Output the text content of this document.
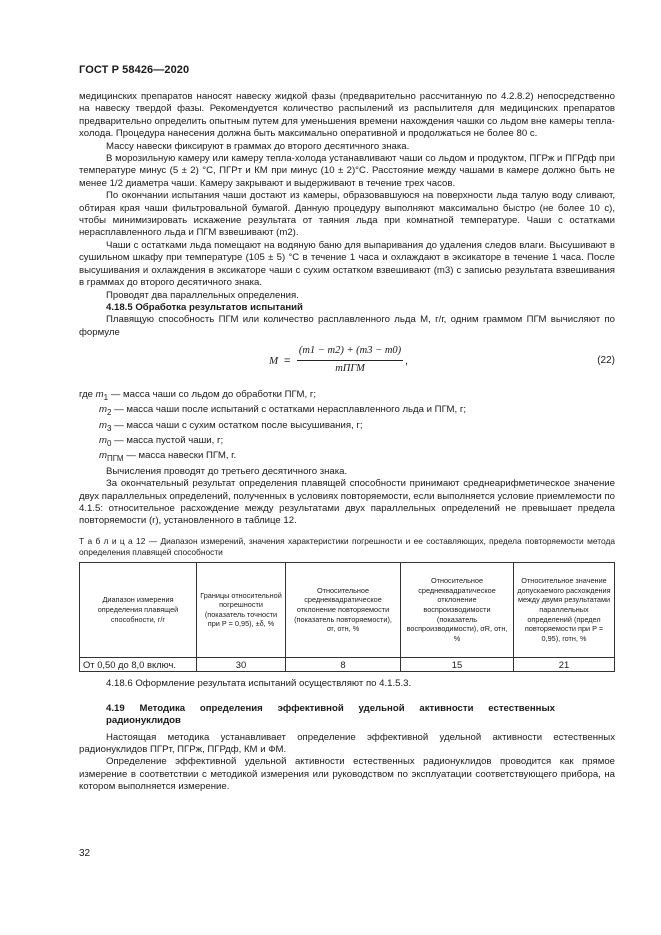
ГОСТ Р 58426—2020

медицинских препаратов наносят навеску жидкой фазы (предварительно рассчитанную по 4.2.8.2) непосредственно на навеску твердой фазы. Рекомендуется количество распылений из распылителя для медицинских препаратов предварительно определить опытным путем для уменьшения времени нахождения чашки со льдом вне камеры тепла-холода. Процедура нанесения должна быть максимально оперативной и продолжаться не более 80 с.

Массу навески фиксируют в граммах до второго десятичного знака.

В морозильную камеру или камеру тепла-холода устанавливают чаши со льдом и продуктом, ПГРж и ПГРдф при температуре минус (5 ± 2) °С, ПГРт и КМ при минус (10 ± 2)°С. Расстояние между чашами в камере должно быть не менее 1/2 диаметра чаши. Камеру закрывают и выдерживают в течение трех часов.

По окончании испытания чаши достают из камеры, образовавшуюся на поверхности льда талую воду сливают, обтирая края чаши фильтровальной бумагой. Данную процедуру выполняют максимально быстро (не более 10 с), чтобы минимизировать искажение результата от таяния льда при комнатной температуре. Чаши с остатками нерасплавленного льда и ПГМ взвешивают (m2).

Чаши с остатками льда помещают на водяную баню для выпаривания до удаления следов влаги. Высушивают в сушильном шкафу при температуре (105 ± 5) °С в течение 1 часа и охлаждают в эксикаторе в течение 1 часа. После высушивания и охлаждения в эксикаторе чаши с сухим остатком взвешивают (m3) с записью результата взвешивания в граммах до второго десятичного знака.

Проводят два параллельных определения.

4.18.5 Обработка результатов испытаний

Плавящую способность ПГМ или количество расплавленного льда M, г/г, одним граммом ПГМ вычисляют по формуле

M =
(m1 − m2) + (m3 − m0)
mПГМ
,	(22)

где $m_1$ — масса чаши со льдом до обработки ПГМ, г;

$m_2$ — масса чаши после испытаний с остатками нерасплавленного льда и ПГМ, г;

$m_3$ — масса чаши с сухим остатком после высушивания, г;

$m_0$ — масса пустой чаши, г;

$m_{ПГМ}$ — масса навески ПГМ, г.

Вычисления проводят до третьего десятичного знака.

За окончательный результат определения плавящей способности принимают среднеарифметическое значение двух параллельных определений, полученных в условиях повторяемости, если выполняется условие приемлемости по 4.1.5: относительное расхождение между результатами двух параллельных определений не превышает предела повторяемости (r), установленного в таблице 12.

Т а б л и ц а 12 — Диапазон измерений, значения характеристики погрешности и ее составляющих, предела повторяемости метода определения плавящей способности

Диапазон измерения определения плавящей способности, г/г	Границы относительной погрешности (показатель точности при P = 0,95), ±δ, %	Относительное среднеквадратическое отклонение повторяемости (показатель повторяемости), σr, отн, %	Относительное среднеквадратическое отклонение воспроизводимости (показатель воспроизводимости), σR, отн, %	Относительное значение допускаемого расхождения между двумя результатами параллельных определений (предел повторяемости при P = 0,95), rотн, %
От 0,50 до 8,0 включ.	30	8	15	21

4.18.6 Оформление результата испытаний осуществляют по 4.1.5.3.

4.19 Методика определения эффективной удельной активности естественных радионуклидов

Настоящая методика устанавливает определение эффективной удельной активности естественных радионуклидов ПГРт, ПГРж, ПГРдф, КМ и ФМ.

Определение эффективной удельной активности естественных радионуклидов проводится как прямое измерение в соответствии с методикой измерения или руководством по эксплуатации соответствующего прибора, на котором выполняется измерение.

32
